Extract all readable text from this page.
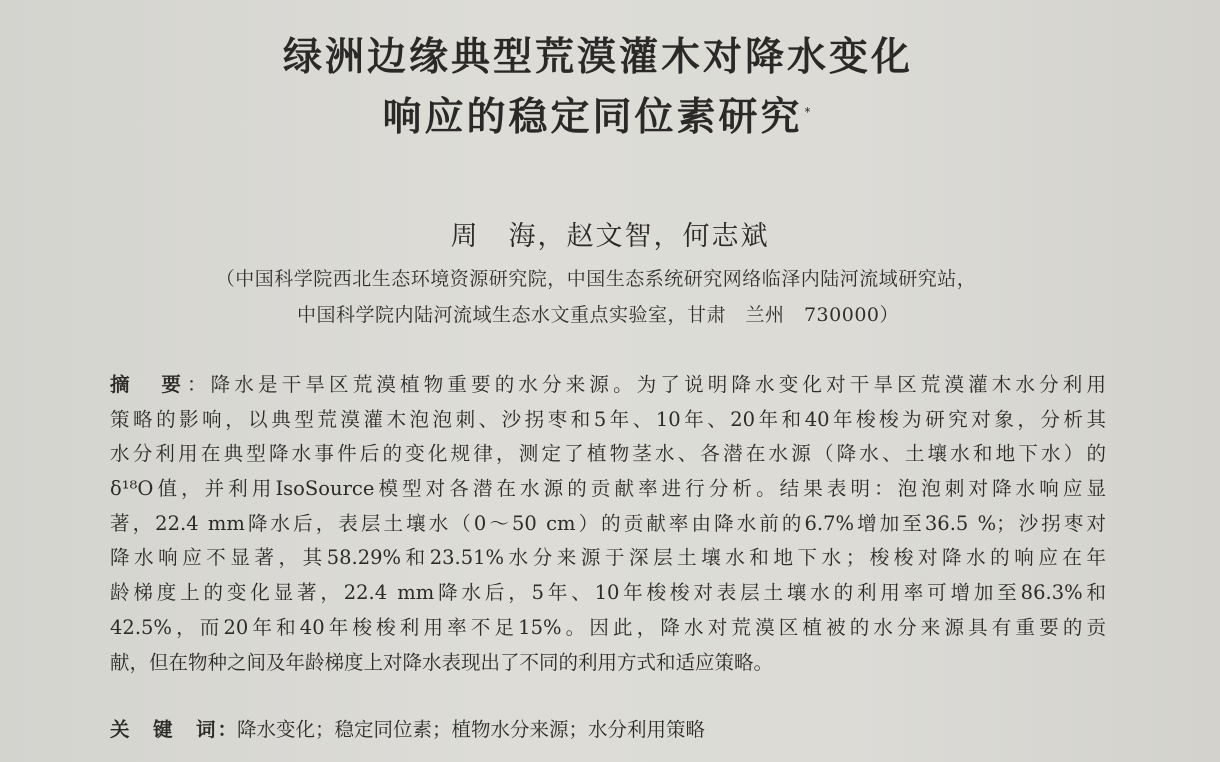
绿洲边缘典型荒漠灌木对降水变化
响应的稳定同位素研究 *
周　海，赵文智，何志斌
（中国科学院西北生态环境资源研究院，中国生态系统研究网络临泽内陆河流域研究站，
中国科学院内陆河流域生态水文重点实验室，甘肃　兰州　730000）
摘　要：降水是干旱区荒漠植物重要的水分来源。为了说明降水变化对干旱区荒漠灌木水分利用
策略的影响，以典型荒漠灌木泡泡刺、沙拐枣和5年、10年、20年和40年梭梭为研究对象，分析其
水分利用在典型降水事件后的变化规律，测定了植物茎水、各潜在水源（降水、土壤水和地下水）的
δ¹⁸O值，并利用IsoSource模型对各潜在水源的贡献率进行分析。结果表明：泡泡刺对降水响应显
著，22.4 mm降水后，表层土壤水（0～50 cm）的贡献率由降水前的6.7%增加至36.5 %；沙拐枣对
降水响应不显著，其58.29%和23.51%水分来源于深层土壤水和地下水；梭梭对降水的响应在年
龄梯度上的变化显著，22.4 mm降水后，5年、10年梭梭对表层土壤水的利用率可增加至86.3%和
42.5%，而20年和40年梭梭利用率不足15%。因此，降水对荒漠区植被的水分来源具有重要的贡
献，但在物种之间及年龄梯度上对降水表现出了不同的利用方式和适应策略。
关　键　词：降水变化；稳定同位素；植物水分来源；水分利用策略
